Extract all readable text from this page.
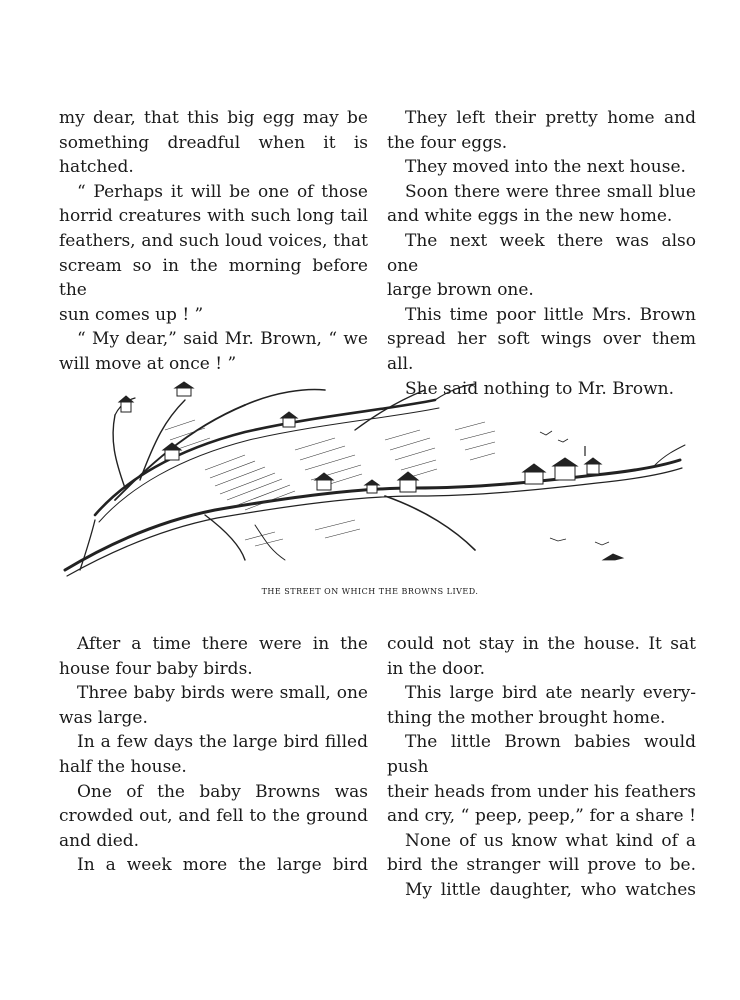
my dear, that this big egg may be

something dreadful when it is

hatched.

“ Perhaps it will be one of those

horrid creatures with such long tail

feathers, and such loud voices, that

scream so in the morning before the

sun comes up ! ”

“ My dear,” said Mr. Brown, “ we

will move at once ! ”

They left their pretty home and

the four eggs.

They moved into the next house.

Soon there were three small blue

and white eggs in the new home.

The next week there was also one

large brown one.

This time poor little Mrs. Brown

spread her soft wings over them all.

She said nothing to Mr. Brown.

THE STREET ON WHICH THE BROWNS LIVED.

After a time there were in the

house four baby birds.

Three baby birds were small, one

was large.

In a few days the large bird filled

half the house.

One of the baby Browns was

crowded out, and fell to the ground

and died.

In a week more the large bird

could not stay in the house. It sat

in the door.

This large bird ate nearly every-

thing the mother brought home.

The little Brown babies would push

their heads from under his feathers

and cry, “ peep, peep,” for a share !

None of us know what kind of a

bird the stranger will prove to be.

My little daughter, who watches
